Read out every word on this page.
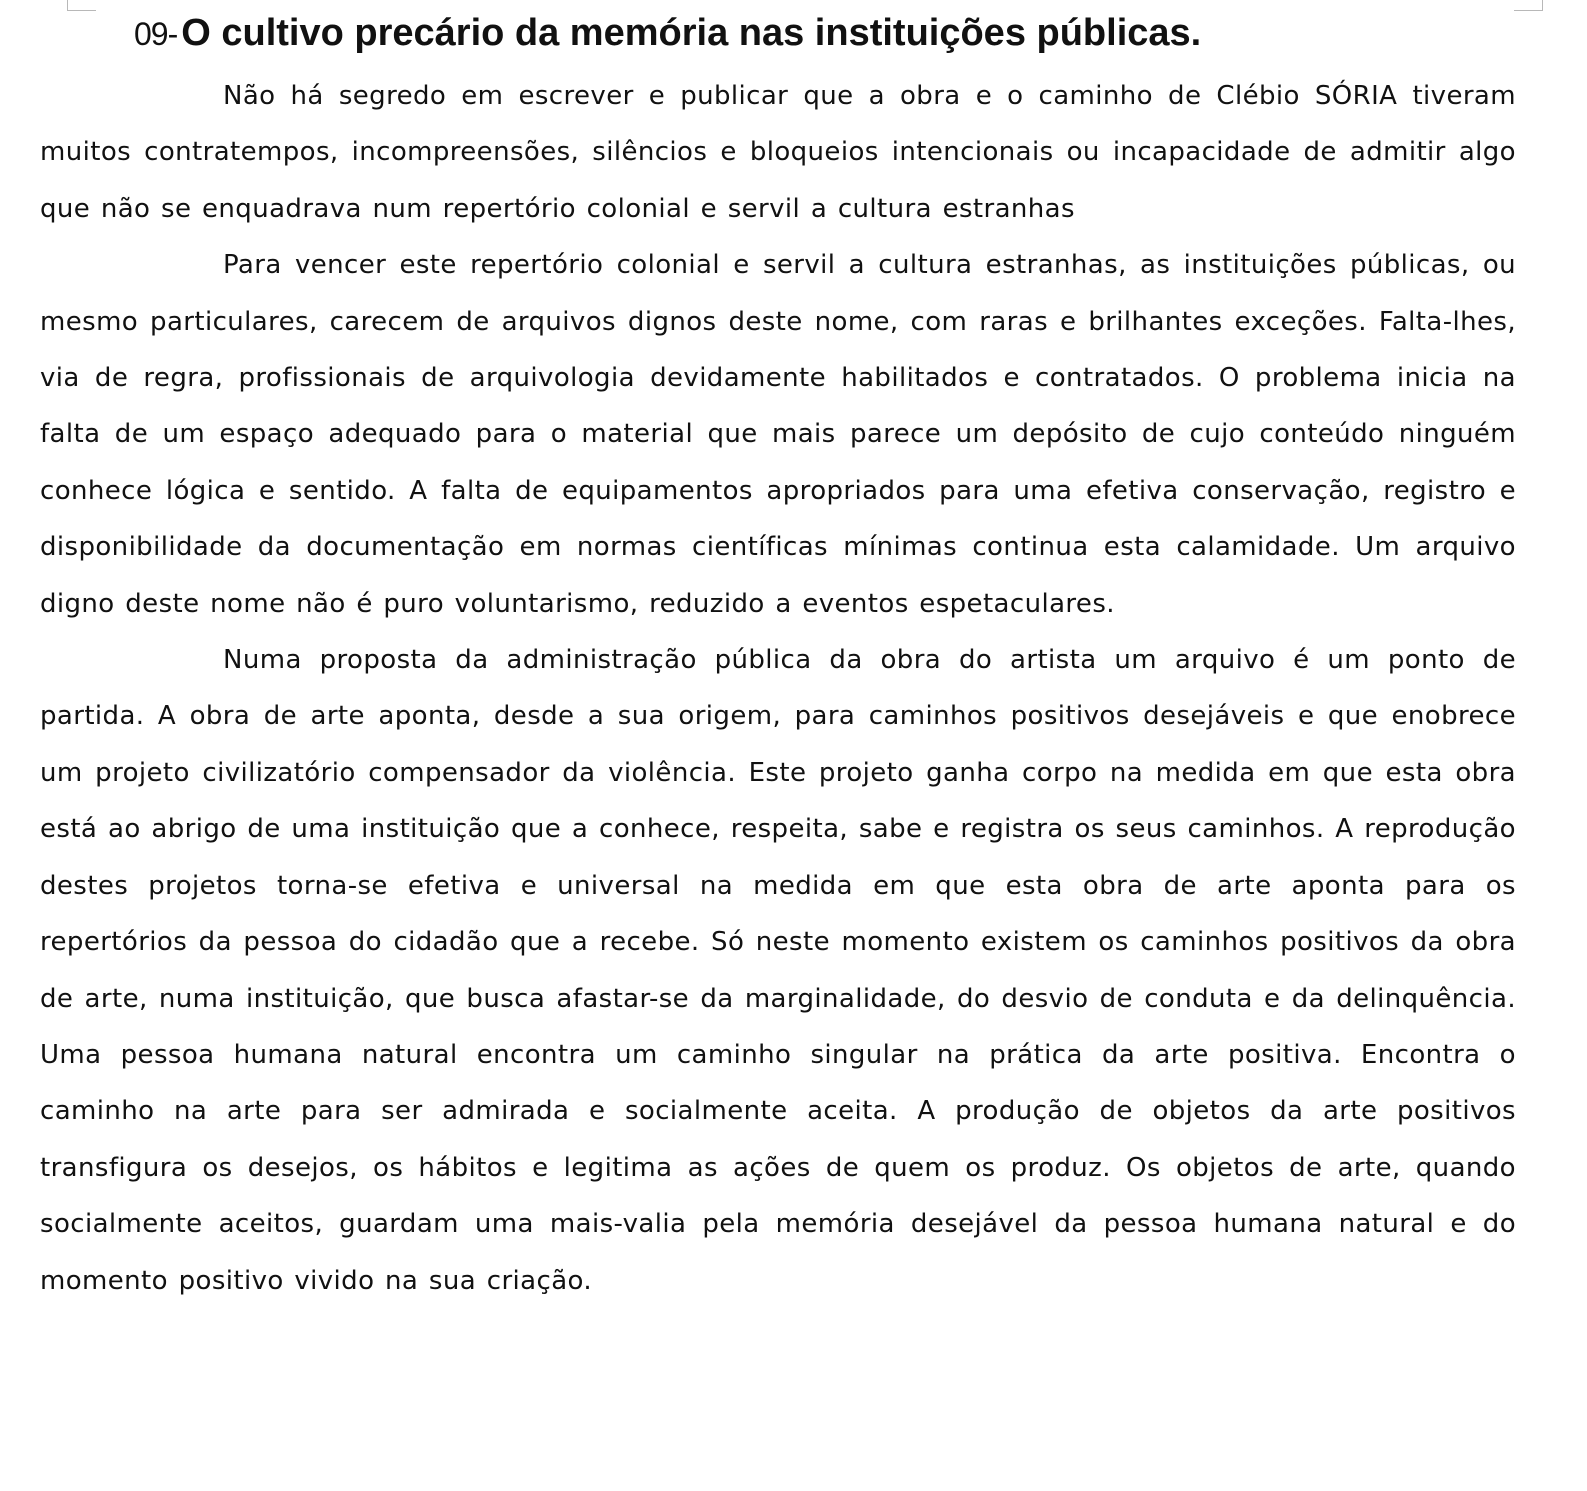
09- O cultivo precário da memória nas instituições públicas.

Não há segredo em escrever e publicar que a obra e o caminho de Clébio SÓRIA tiveram muitos contratempos, incompreensões, silêncios e bloqueios intencionais ou incapacidade de admitir algo que não se enquadrava num repertório colonial e servil a cultura estranhas

Para vencer este repertório colonial e servil a cultura estranhas, as instituições públicas, ou mesmo particulares, carecem de arquivos dignos deste nome, com raras e brilhantes exceções. Falta-lhes, via de regra, profissionais de arquivologia devidamente habilitados e contratados. O problema inicia na falta de um espaço adequado para o material que mais parece um depósito de cujo conteúdo ninguém conhece lógica e sentido. A falta de equipamentos apropriados para uma efetiva conservação, registro e disponibilidade da documentação em normas científicas mínimas continua esta calamidade. Um arquivo digno deste nome não é puro voluntarismo, reduzido a eventos espetaculares.

Numa proposta da administração pública da obra do artista um arquivo é um ponto de partida. A obra de arte aponta, desde a sua origem, para caminhos positivos desejáveis e que enobrece um projeto civilizatório compensador da violência. Este projeto ganha corpo na medida em que esta obra está ao abrigo de uma instituição que a conhece, respeita, sabe e registra os seus caminhos. A reprodução destes projetos torna-se efetiva e universal na medida em que esta obra de arte aponta para os repertórios da pessoa do cidadão que a recebe. Só neste momento existem os caminhos positivos da obra de arte, numa instituição, que busca afastar-se da marginalidade, do desvio de conduta e da delinquência. Uma pessoa humana natural encontra um caminho singular na prática da arte positiva. Encontra o caminho na arte para ser admirada e socialmente aceita. A produção de objetos da arte positivos transfigura os desejos, os hábitos e legitima as ações de quem os produz. Os objetos de arte, quando socialmente aceitos, guardam uma mais-valia pela memória desejável da pessoa humana natural e do momento positivo vivido na sua criação.
